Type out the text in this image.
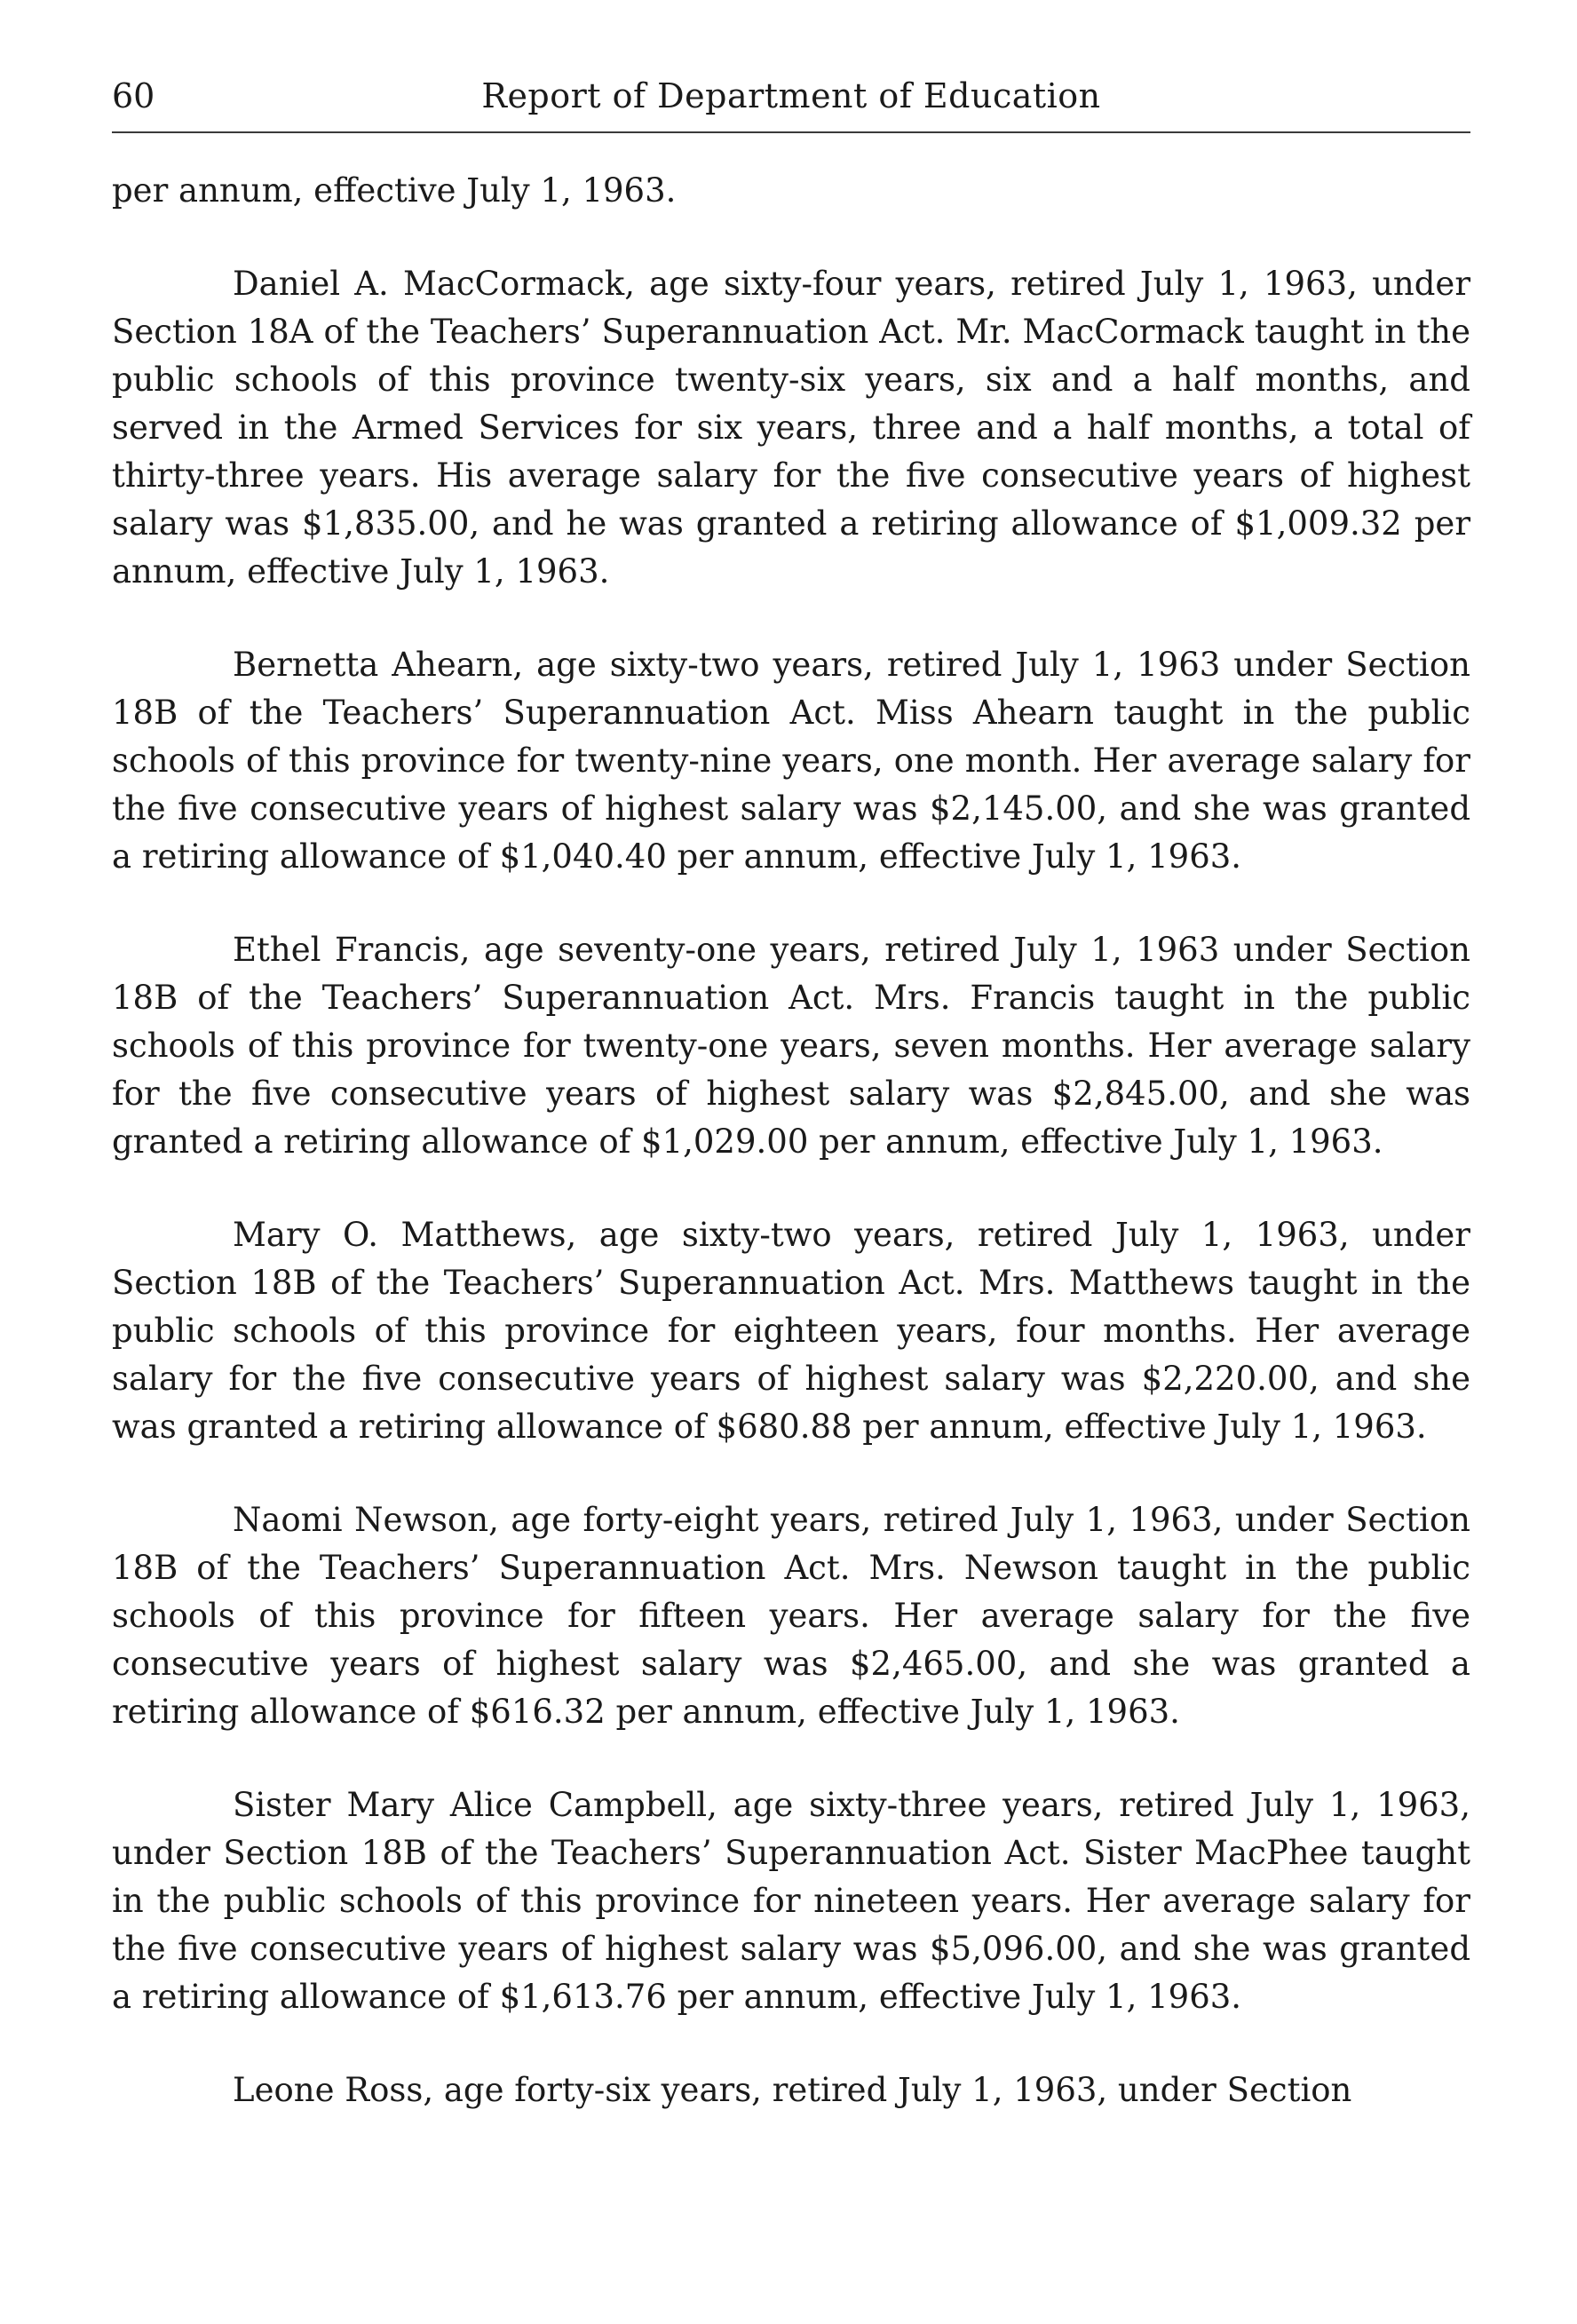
60	Report of Department of Education

per annum, effective July 1, 1963.

Daniel A. MacCormack, age sixty-four years, retired July 1, 1963, under Section 18A of the Teachers’ Superannuation Act. Mr. MacCormack taught in the public schools of this province twenty-six years, six and a half months, and served in the Armed Services for six years, three and a half months, a total of thirty-three years. His average salary for the five consecutive years of highest salary was $1,835.00, and he was granted a retiring allowance of $1,009.32 per annum, effective July 1, 1963.

Bernetta Ahearn, age sixty-two years, retired July 1, 1963 under Section 18B of the Teachers’ Superannuation Act. Miss Ahearn taught in the public schools of this province for twenty-nine years, one month. Her average salary for the five consecutive years of highest salary was $2,145.00, and she was granted a retiring allowance of $1,040.40 per annum, effective July 1, 1963.

Ethel Francis, age seventy-one years, retired July 1, 1963 under Section 18B of the Teachers’ Superannuation Act. Mrs. Francis taught in the public schools of this province for twenty-one years, seven months. Her average salary for the five consecutive years of highest salary was $2,845.00, and she was granted a retiring allowance of $1,029.00 per annum, effective July 1, 1963.

Mary O. Matthews, age sixty-two years, retired July 1, 1963, under Section 18B of the Teachers’ Superannuation Act. Mrs. Matthews taught in the public schools of this province for eighteen years, four months. Her average salary for the five consecutive years of highest salary was $2,220.00, and she was granted a retiring allowance of $680.88 per annum, effective July 1, 1963.

Naomi Newson, age forty-eight years, retired July 1, 1963, under Section 18B of the Teachers’ Superannuation Act. Mrs. Newson taught in the public schools of this province for fifteen years. Her average salary for the five consecutive years of highest salary was $2,465.00, and she was granted a retiring allowance of $616.32 per annum, effective July 1, 1963.

Sister Mary Alice Campbell, age sixty-three years, retired July 1, 1963, under Section 18B of the Teachers’ Superannuation Act. Sister MacPhee taught in the public schools of this province for nineteen years. Her average salary for the five consecutive years of highest salary was $5,096.00, and she was granted a retiring allowance of $1,613.76 per annum, effective July 1, 1963.

Leone Ross, age forty-six years, retired July 1, 1963, under Section
